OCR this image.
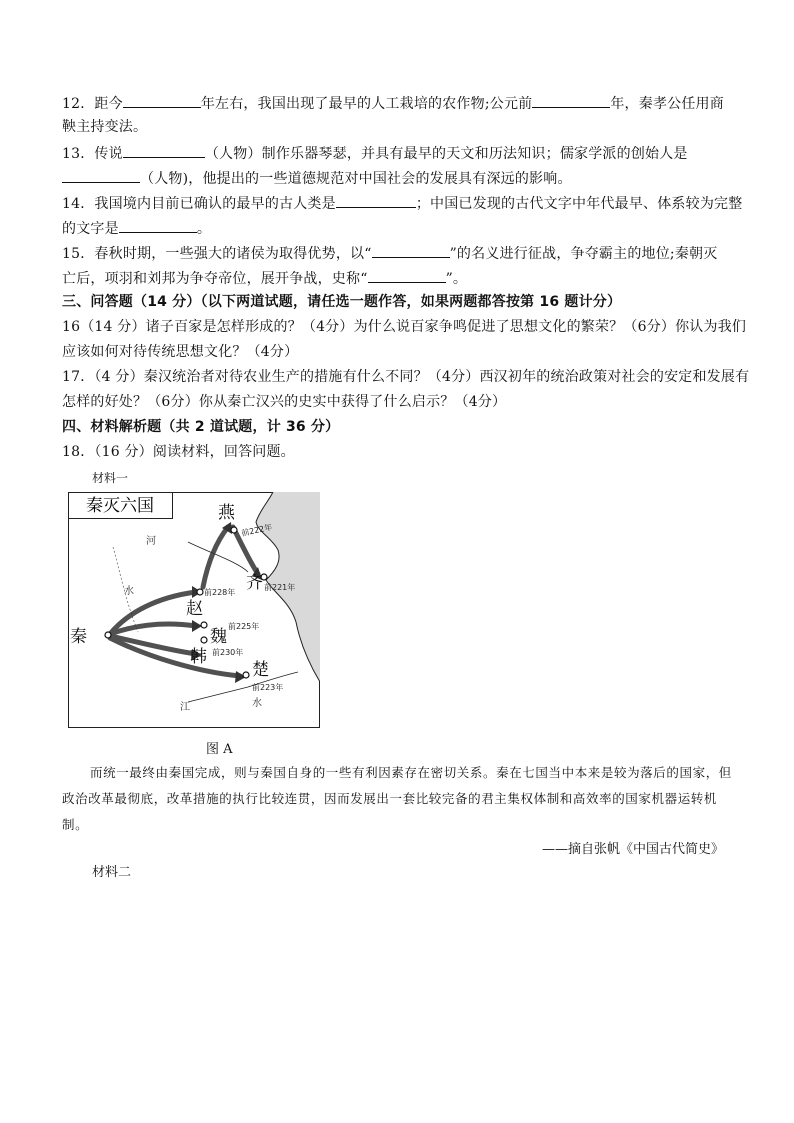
12．距今	年左右，我国出现了最早的人工栽培的农作物;公元前	年，秦孝公任用商
鞅主持变法。
13．传说	（人物）制作乐器琴瑟，并具有最早的天文和历法知识；儒家学派的创始人是
（人物)，他提出的一些道德规范对中国社会的发展具有深远的影响。
14．我国境内目前已确认的最早的古人类是	；中国已发现的古代文字中年代最早、体系较为完整
的文字是	。
15．春秋时期，一些强大的诸侯为取得优势，以“	”的名义进行征战，争夺霸主的地位;秦朝灭
亡后，项羽和刘邦为争夺帝位，展开争战，史称“	”。
三、问答题（14 分）（以下两道试题，请任选一题作答，如果两题都答按第 16 题计分）
16（14 分）诸子百家是怎样形成的？（4分）为什么说百家争鸣促进了思想文化的繁荣？（6分）你认为我们
应该如何对待传统思想文化？（4分）
17．（4 分）秦汉统治者对待农业生产的措施有什么不同？（4分）西汉初年的统治政策对社会的安定和发展有
怎样的好处？（6分）你从秦亡汉兴的史实中获得了什么启示？（4分）
四、材料解析题（共 2 道试题，计 36 分）
18．（16 分）阅读材料，回答问题。
材料一
秦灭六国
秦
赵
魏
韩
楚
燕
齐
前228年
前225年
前230年
前223年
前222年
前221年
河
水
江	水
图 A
而统一最终由秦国完成，则与秦国自身的一些有利因素存在密切关系。秦在七国当中本来是较为落后的国家，但政治改革最彻底，改革措施的执行比较连贯，因而发展出一套比较完备的君主集权体制和高效率的国家机器运转机制。
——摘自张帆《中国古代简史》
材料二
